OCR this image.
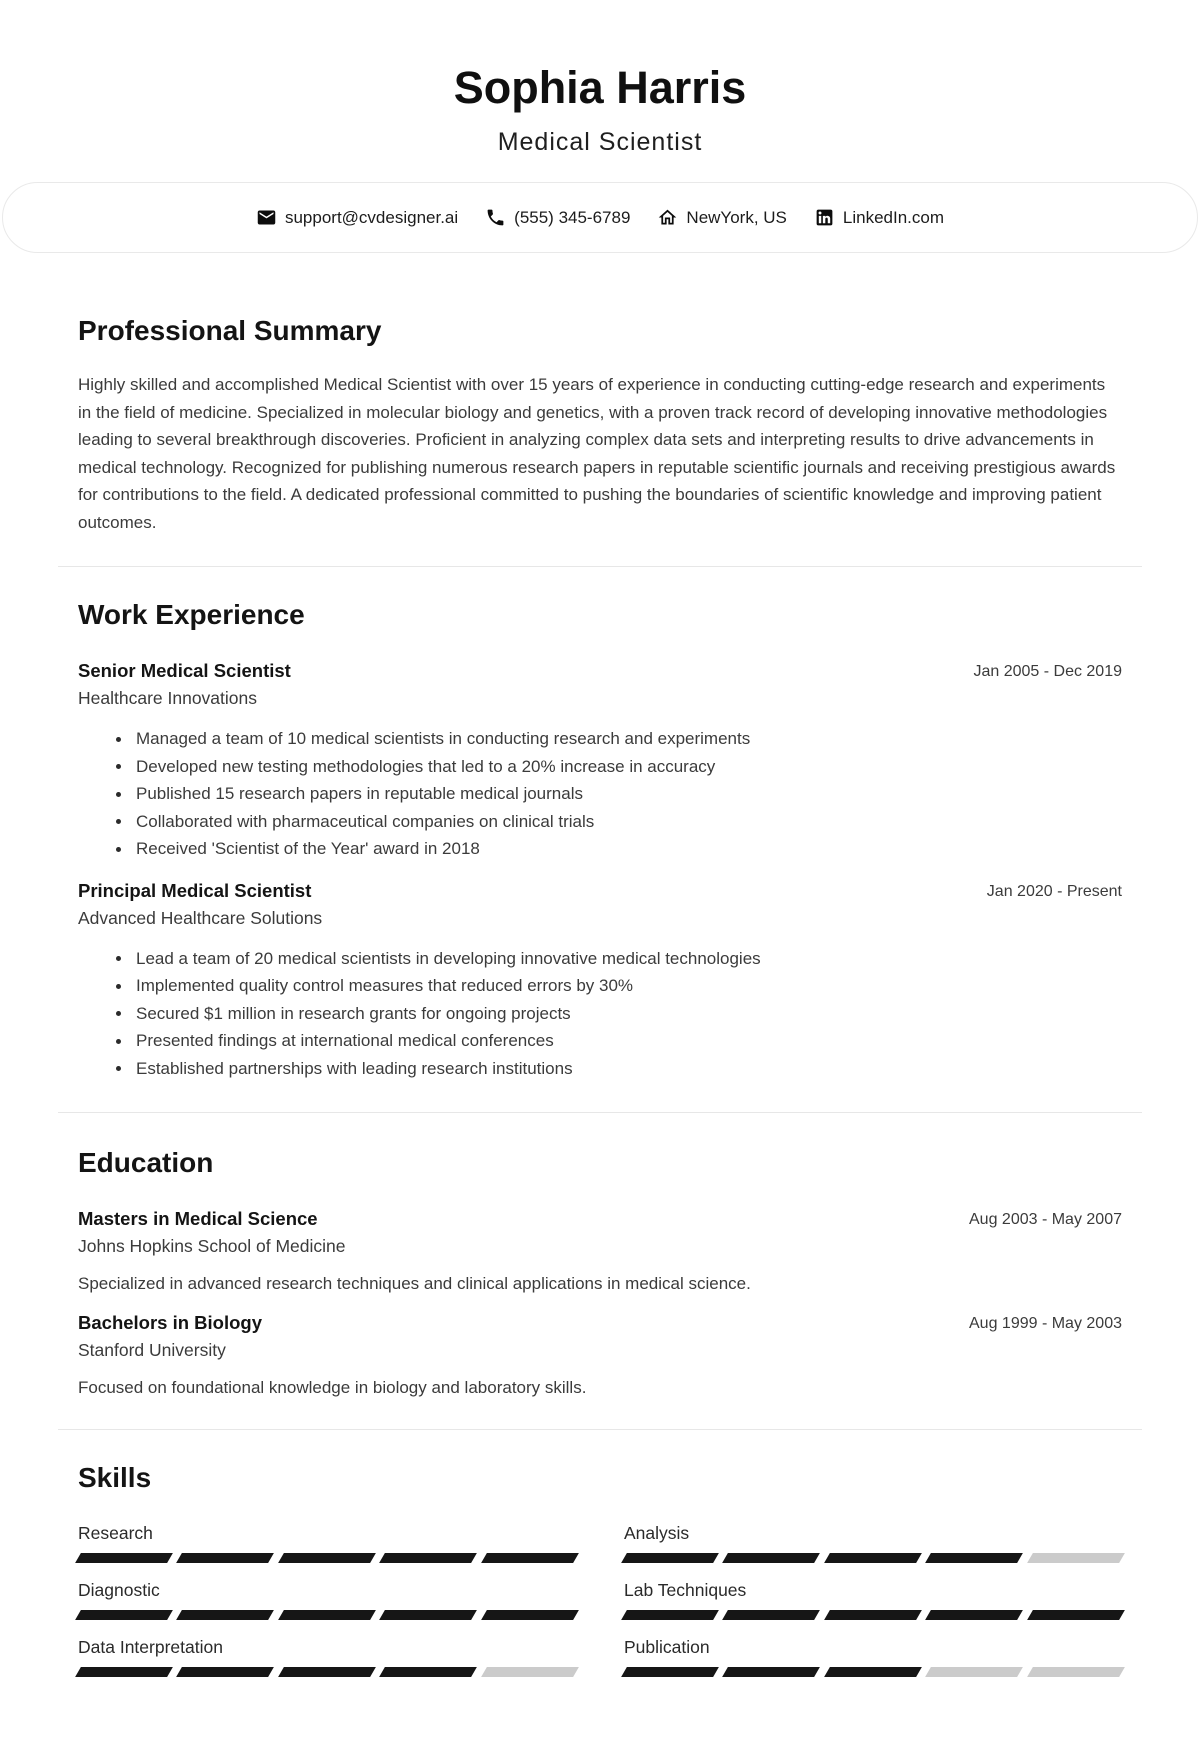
Sophia Harris
Medical Scientist
support@cvdesigner.ai	(555) 345-6789	NewYork, US	LinkedIn.com
Professional Summary

Highly skilled and accomplished Medical Scientist with over 15 years of experience in conducting cutting-edge research and experiments in the field of medicine. Specialized in molecular biology and genetics, with a proven track record of developing innovative methodologies leading to several breakthrough discoveries. Proficient in analyzing complex data sets and interpreting results to drive advancements in medical technology. Recognized for publishing numerous research papers in reputable scientific journals and receiving prestigious awards for contributions to the field. A dedicated professional committed to pushing the boundaries of scientific knowledge and improving patient outcomes.

Work Experience
Senior Medical Scientist	Jan 2005 - Dec 2019
Healthcare Innovations
Managed a team of 10 medical scientists in conducting research and experiments
Developed new testing methodologies that led to a 20% increase in accuracy
Published 15 research papers in reputable medical journals
Collaborated with pharmaceutical companies on clinical trials
Received 'Scientist of the Year' award in 2018
Principal Medical Scientist	Jan 2020 - Present
Advanced Healthcare Solutions
Lead a team of 20 medical scientists in developing innovative medical technologies
Implemented quality control measures that reduced errors by 30%
Secured $1 million in research grants for ongoing projects
Presented findings at international medical conferences
Established partnerships with leading research institutions
Education
Masters in Medical Science	Aug 2003 - May 2007
Johns Hopkins School of Medicine
Specialized in advanced research techniques and clinical applications in medical science.
Bachelors in Biology	Aug 1999 - May 2003
Stanford University
Focused on foundational knowledge in biology and laboratory skills.
Skills
Research
Diagnostic
Data Interpretation
Analysis
Lab Techniques
Publication
